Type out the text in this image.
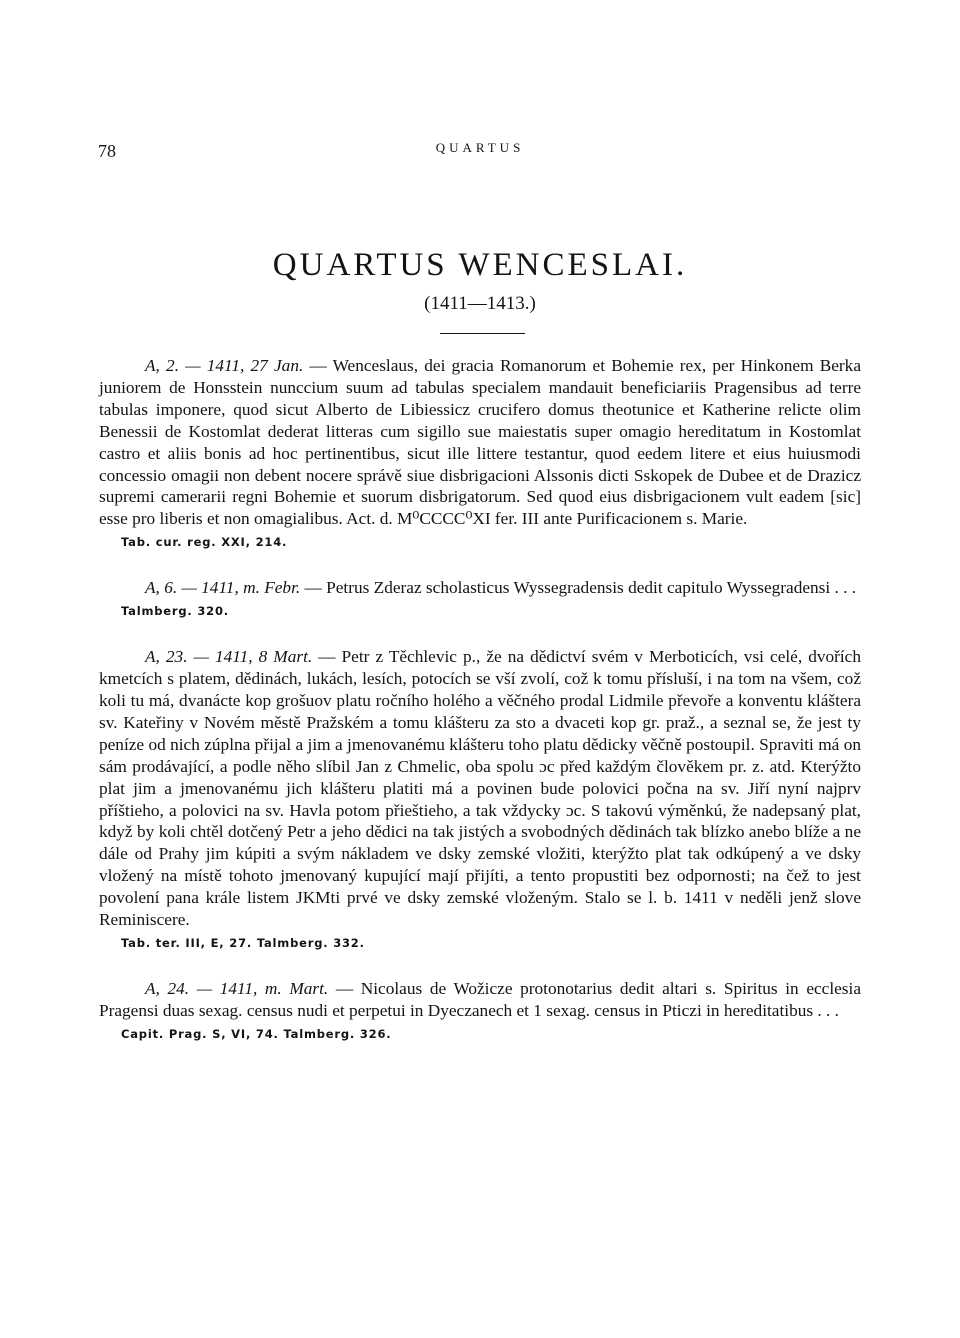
78	QUARTUS
QUARTUS WENCESLAI.
(1411—1413.)

A, 2. — 1411, 27 Jan. — Wenceslaus, dei gracia Romanorum et Bohemie rex, per Hinkonem Berka juniorem de Honsstein nunccium suum ad tabulas specialem mandauit beneficiariis Pragensibus ad terre tabulas imponere, quod sicut Alberto de Libiessicz crucifero domus theotunice et Katherine relicte olim Benessii de Kostomlat dederat litteras cum sigillo sue maiestatis super omagio hereditatum in Kostomlat castro et aliis bonis ad hoc pertinentibus, sicut ille littere testantur, quod eedem litere et eius huiusmodi concessio omagii non debent nocere správě siue disbrigacioni Alssonis dicti Sskopek de Dubee et de Drazicz supremi camerarii regni Bohemie et suorum disbrigatorum. Sed quod eius disbrigacionem vult eadem [sic] esse pro liberis et non omagialibus. Act. d. M⁰CCCC⁰XI fer. III ante Purificacionem s. Marie.

Tab. cur. reg. XXI, 214.

A, 6. — 1411, m. Febr. — Petrus Zderaz scholasticus Wyssegradensis dedit capitulo Wyssegradensi . . .

Talmberg. 320.

A, 23. — 1411, 8 Mart. — Petr z Těchlevic p., že na dědictví svém v Merboticích, vsi celé, dvořích kmetcích s platem, dědinách, lukách, lesích, potocích se vší zvolí, což k tomu přísluší, i na tom na všem, což koli tu má, dvanácte kop grošuov platu ročního holého a věčného prodal Lidmile převoře a konventu kláštera sv. Kateřiny v Novém městě Pražském a tomu klášteru za sto a dvaceti kop gr. praž., a seznal se, že jest ty peníze od nich zúplna přijal a jim a jmenovanému klášteru toho platu dědicky věčně postoupil. Spraviti má on sám prodávající, a podle něho slíbil Jan z Chmelic, oba spolu ɔc před každým člověkem pr. z. atd. Kterýžto plat jim a jmenovanému jich klášteru platiti má a povinen bude polovici počna na sv. Jiří nyní najprv příštieho, a polovici na sv. Havla potom přieštieho, a tak vždycky ɔc. S takovú výměnkú, že nadepsaný plat, když by koli chtěl dotčený Petr a jeho dědici na tak jistých a svobodných dědinách tak blízko anebo blíže a ne dále od Prahy jim kúpiti a svým nákladem ve dsky zemské vložiti, kterýžto plat tak odkúpený a ve dsky vložený na místě tohoto jmenovaný kupující mají přijíti, a tento propustiti bez odpornosti; na čež to jest povolení pana krále listem JKMti prvé ve dsky zemské vloženým. Stalo se l. b. 1411 v neděli jenž slove Reminiscere.

Tab. ter. III, E, 27. Talmberg. 332.

A, 24. — 1411, m. Mart. — Nicolaus de Wožicze protonotarius dedit altari s. Spiritus in ecclesia Pragensi duas sexag. census nudi et perpetui in Dyeczanech et 1 sexag. census in Pticzi in hereditatibus . . .

Capit. Prag. S, VI, 74. Talmberg. 326.
